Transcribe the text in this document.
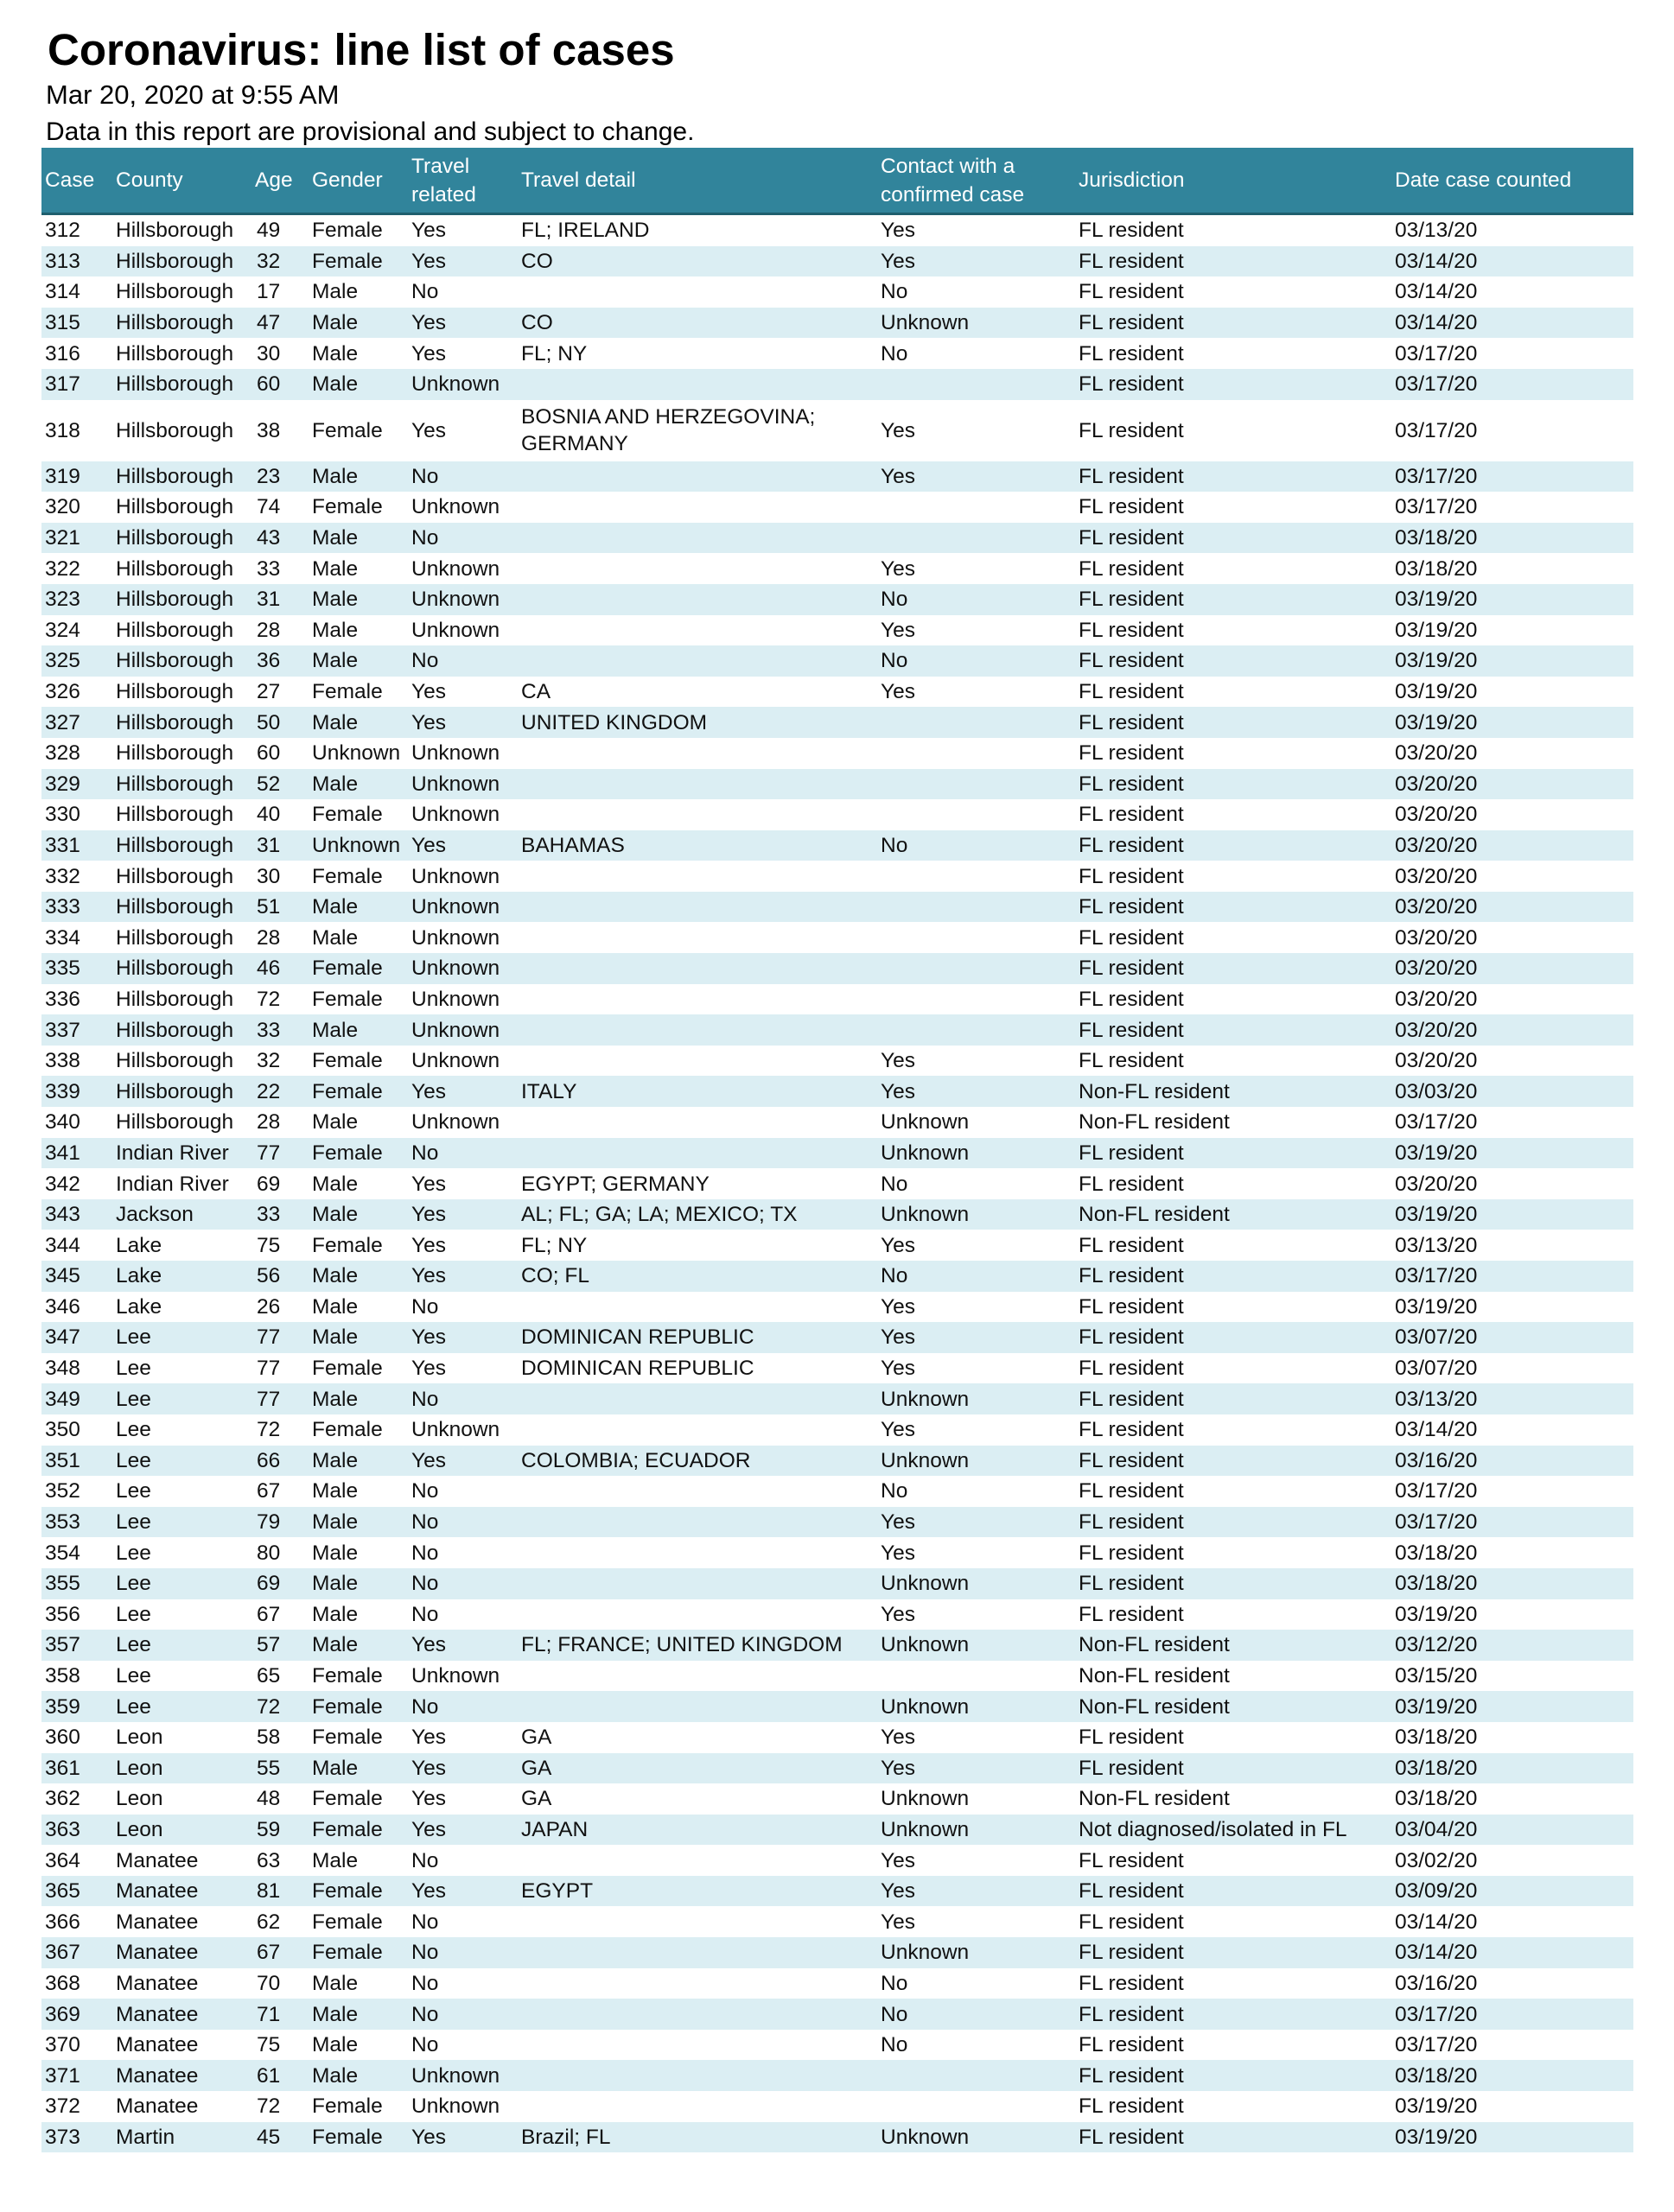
Coronavirus: line list of cases
Mar 20, 2020 at 9:55 AM
Data in this report are provisional and subject to change.
Case	County	Age	Gender	Travel related	Travel detail	Contact with a confirmed case	Jurisdiction	Date case counted
312	Hillsborough	49	Female	Yes	FL; IRELAND	Yes	FL resident	03/13/20
313	Hillsborough	32	Female	Yes	CO	Yes	FL resident	03/14/20
314	Hillsborough	17	Male	No		No	FL resident	03/14/20
315	Hillsborough	47	Male	Yes	CO	Unknown	FL resident	03/14/20
316	Hillsborough	30	Male	Yes	FL; NY	No	FL resident	03/17/20
317	Hillsborough	60	Male	Unknown			FL resident	03/17/20
318	Hillsborough	38	Female	Yes	BOSNIA AND HERZEGOVINA; GERMANY	Yes	FL resident	03/17/20
319	Hillsborough	23	Male	No		Yes	FL resident	03/17/20
320	Hillsborough	74	Female	Unknown			FL resident	03/17/20
321	Hillsborough	43	Male	No			FL resident	03/18/20
322	Hillsborough	33	Male	Unknown		Yes	FL resident	03/18/20
323	Hillsborough	31	Male	Unknown		No	FL resident	03/19/20
324	Hillsborough	28	Male	Unknown		Yes	FL resident	03/19/20
325	Hillsborough	36	Male	No		No	FL resident	03/19/20
326	Hillsborough	27	Female	Yes	CA	Yes	FL resident	03/19/20
327	Hillsborough	50	Male	Yes	UNITED KINGDOM		FL resident	03/19/20
328	Hillsborough	60	Unknown	Unknown			FL resident	03/20/20
329	Hillsborough	52	Male	Unknown			FL resident	03/20/20
330	Hillsborough	40	Female	Unknown			FL resident	03/20/20
331	Hillsborough	31	Unknown	Yes	BAHAMAS	No	FL resident	03/20/20
332	Hillsborough	30	Female	Unknown			FL resident	03/20/20
333	Hillsborough	51	Male	Unknown			FL resident	03/20/20
334	Hillsborough	28	Male	Unknown			FL resident	03/20/20
335	Hillsborough	46	Female	Unknown			FL resident	03/20/20
336	Hillsborough	72	Female	Unknown			FL resident	03/20/20
337	Hillsborough	33	Male	Unknown			FL resident	03/20/20
338	Hillsborough	32	Female	Unknown		Yes	FL resident	03/20/20
339	Hillsborough	22	Female	Yes	ITALY	Yes	Non-FL resident	03/03/20
340	Hillsborough	28	Male	Unknown		Unknown	Non-FL resident	03/17/20
341	Indian River	77	Female	No		Unknown	FL resident	03/19/20
342	Indian River	69	Male	Yes	EGYPT; GERMANY	No	FL resident	03/20/20
343	Jackson	33	Male	Yes	AL; FL; GA; LA; MEXICO; TX	Unknown	Non-FL resident	03/19/20
344	Lake	75	Female	Yes	FL; NY	Yes	FL resident	03/13/20
345	Lake	56	Male	Yes	CO; FL	No	FL resident	03/17/20
346	Lake	26	Male	No		Yes	FL resident	03/19/20
347	Lee	77	Male	Yes	DOMINICAN REPUBLIC	Yes	FL resident	03/07/20
348	Lee	77	Female	Yes	DOMINICAN REPUBLIC	Yes	FL resident	03/07/20
349	Lee	77	Male	No		Unknown	FL resident	03/13/20
350	Lee	72	Female	Unknown		Yes	FL resident	03/14/20
351	Lee	66	Male	Yes	COLOMBIA; ECUADOR	Unknown	FL resident	03/16/20
352	Lee	67	Male	No		No	FL resident	03/17/20
353	Lee	79	Male	No		Yes	FL resident	03/17/20
354	Lee	80	Male	No		Yes	FL resident	03/18/20
355	Lee	69	Male	No		Unknown	FL resident	03/18/20
356	Lee	67	Male	No		Yes	FL resident	03/19/20
357	Lee	57	Male	Yes	FL; FRANCE; UNITED KINGDOM	Unknown	Non-FL resident	03/12/20
358	Lee	65	Female	Unknown			Non-FL resident	03/15/20
359	Lee	72	Female	No		Unknown	Non-FL resident	03/19/20
360	Leon	58	Female	Yes	GA	Yes	FL resident	03/18/20
361	Leon	55	Male	Yes	GA	Yes	FL resident	03/18/20
362	Leon	48	Female	Yes	GA	Unknown	Non-FL resident	03/18/20
363	Leon	59	Female	Yes	JAPAN	Unknown	Not diagnosed/isolated in FL	03/04/20
364	Manatee	63	Male	No		Yes	FL resident	03/02/20
365	Manatee	81	Female	Yes	EGYPT	Yes	FL resident	03/09/20
366	Manatee	62	Female	No		Yes	FL resident	03/14/20
367	Manatee	67	Female	No		Unknown	FL resident	03/14/20
368	Manatee	70	Male	No		No	FL resident	03/16/20
369	Manatee	71	Male	No		No	FL resident	03/17/20
370	Manatee	75	Male	No		No	FL resident	03/17/20
371	Manatee	61	Male	Unknown			FL resident	03/18/20
372	Manatee	72	Female	Unknown			FL resident	03/19/20
373	Martin	45	Female	Yes	Brazil; FL	Unknown	FL resident	03/19/20
